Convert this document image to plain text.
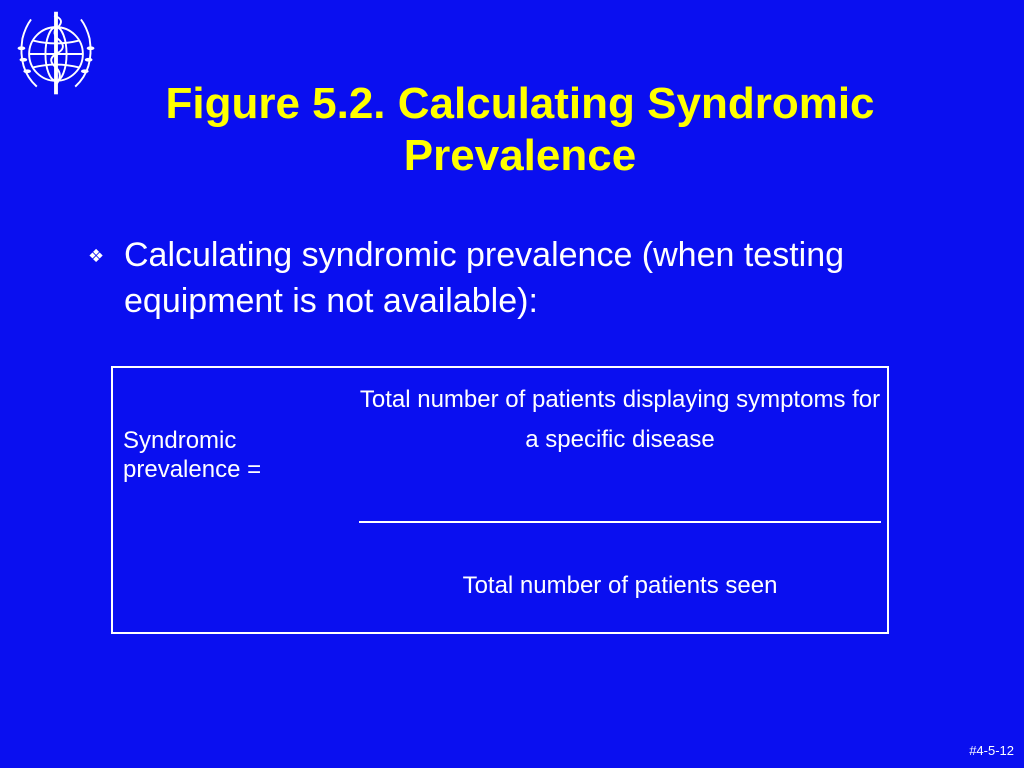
Figure 5.2. Calculating Syndromic Prevalence
❖ Calculating syndromic prevalence (when testing equipment is not available):
Syndromic prevalence =
Total number of patients displaying symptoms for a specific disease
Total number of patients seen
#4-5-12
